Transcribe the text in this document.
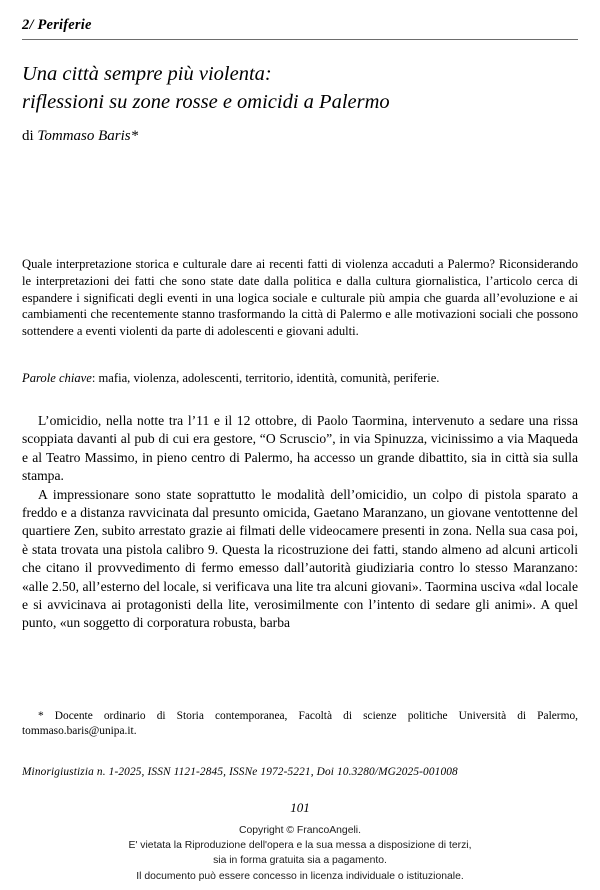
2/ Periferie
Una città sempre più violenta:
riflessioni su zone rosse e omicidi a Palermo
di Tommaso Baris*

Quale interpretazione storica e culturale dare ai recenti fatti di violenza accaduti a Palermo? Riconsiderando le interpretazioni dei fatti che sono state date dalla politica e dalla cultura giornalistica, l’articolo cerca di espandere i significati degli eventi in una logica sociale e culturale più ampia che guarda all’evoluzione e ai cambiamenti che recentemente stanno trasformando la città di Palermo e alle motivazioni sociali che possono sottendere a eventi violenti da parte di adolescenti e giovani adulti.

Parole chiave: mafia, violenza, adolescenti, territorio, identità, comunità, periferie.

L’omicidio, nella notte tra l’11 e il 12 ottobre, di Paolo Taormina, intervenuto a sedare una rissa scoppiata davanti al pub di cui era gestore, “O Scruscio”, in via Spinuzza, vicinissimo a via Maqueda e al Teatro Massimo, in pieno centro di Palermo, ha accesso un grande dibattito, sia in città sia sulla stampa.

A impressionare sono state soprattutto le modalità dell’omicidio, un colpo di pistola sparato a freddo e a distanza ravvicinata dal presunto omicida, Gaetano Maranzano, un giovane ventottenne del quartiere Zen, subito arrestato grazie ai filmati delle videocamere presenti in zona. Nella sua casa poi, è stata trovata una pistola calibro 9. Questa la ricostruzione dei fatti, stando almeno ad alcuni articoli che citano il provvedimento di fermo emesso dall’autorità giudiziaria contro lo stesso Maranzano: «alle 2.50, all’esterno del locale, si verificava una lite tra alcuni giovani». Taormina usciva «dal locale e si avvicinava ai protagonisti della lite, verosimilmente con l’intento di sedare gli animi». A quel punto, «un soggetto di corporatura robusta, barba

* Docente ordinario di Storia contemporanea, Facoltà di scienze politiche Università di Palermo, tommaso.baris@unipa.it.

Minorigiustizia n. 1-2025, ISSN 1121-2845, ISSNe 1972-5221, Doi 10.3280/MG2025-001008

101
Copyright © FrancoAngeli.
E' vietata la Riproduzione dell'opera e la sua messa a disposizione di terzi,
sia in forma gratuita sia a pagamento.
Il documento può essere concesso in licenza individuale o istituzionale.
